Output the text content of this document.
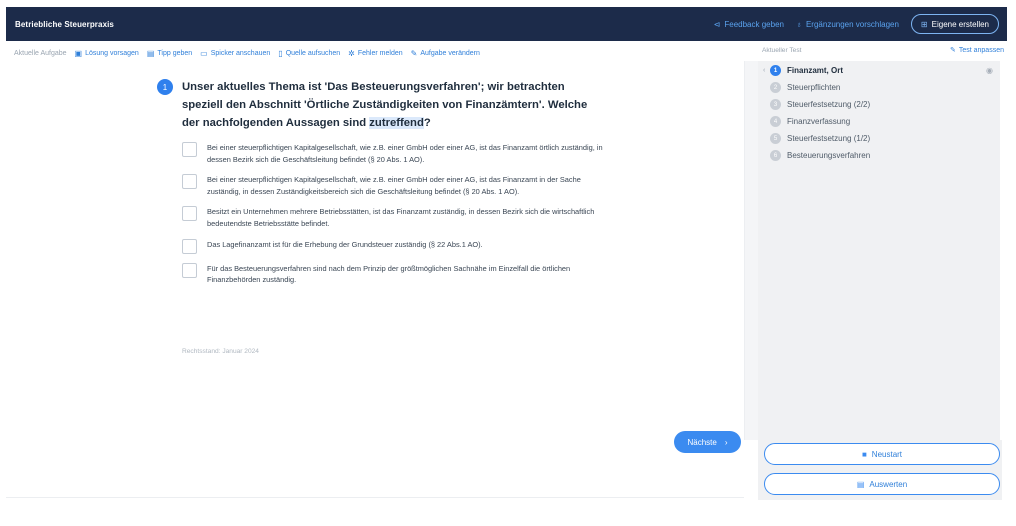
Betriebliche Steuerpraxis	⊲ Feedback geben ♁ Ergänzungen vorschlagen	⊞ Eigene erstellen
Aktuelle Aufgabe ▣ Lösung vorsagen ▤ Tipp geben ▭ Spicker anschauen ▯ Quelle aufsuchen ✲ Fehler melden ✎ Aufgabe verändern
1	Unser aktuelles Thema ist 'Das Besteuerungsverfahren'; wir betrachten speziell den Abschnitt 'Örtliche Zuständigkeiten von Finanzämtern'. Welche der nachfolgenden Aussagen sind zutreffend?
Bei einer steuerpflichtigen Kapitalgesellschaft, wie z.B. einer GmbH oder einer AG, ist das Finanzamt örtlich zuständig, in dessen Bezirk sich die Geschäftsleitung befindet (§ 20 Abs. 1 AO).
Bei einer steuerpflichtigen Kapitalgesellschaft, wie z.B. einer GmbH oder einer AG, ist das Finanzamt in der Sache zuständig, in dessen Zuständigkeitsbereich sich die Geschäftsleitung befindet (§ 20 Abs. 1 AO).
Besitzt ein Unternehmen mehrere Betriebsstätten, ist das Finanzamt zuständig, in dessen Bezirk sich die wirtschaftlich bedeutendste Betriebsstätte befindet.
Das Lagefinanzamt ist für die Erhebung der Grundsteuer zuständig (§ 22 Abs.1 AO).
Für das Besteuerungsverfahren sind nach dem Prinzip der größtmöglichen Sachnähe im Einzelfall die örtlichen Finanzbehörden zuständig.
Rechtsstand: Januar 2024
Nächste ›
Aktueller Test	✎ Test anpassen
‹	1	Finanzamt, Ort	◉
2	Steuerpflichten
3	Steuerfestsetzung (2/2)
4	Finanzverfassung
5	Steuerfestsetzung (1/2)
6	Besteuerungsverfahren
■ Neustart
▤ Auswerten
